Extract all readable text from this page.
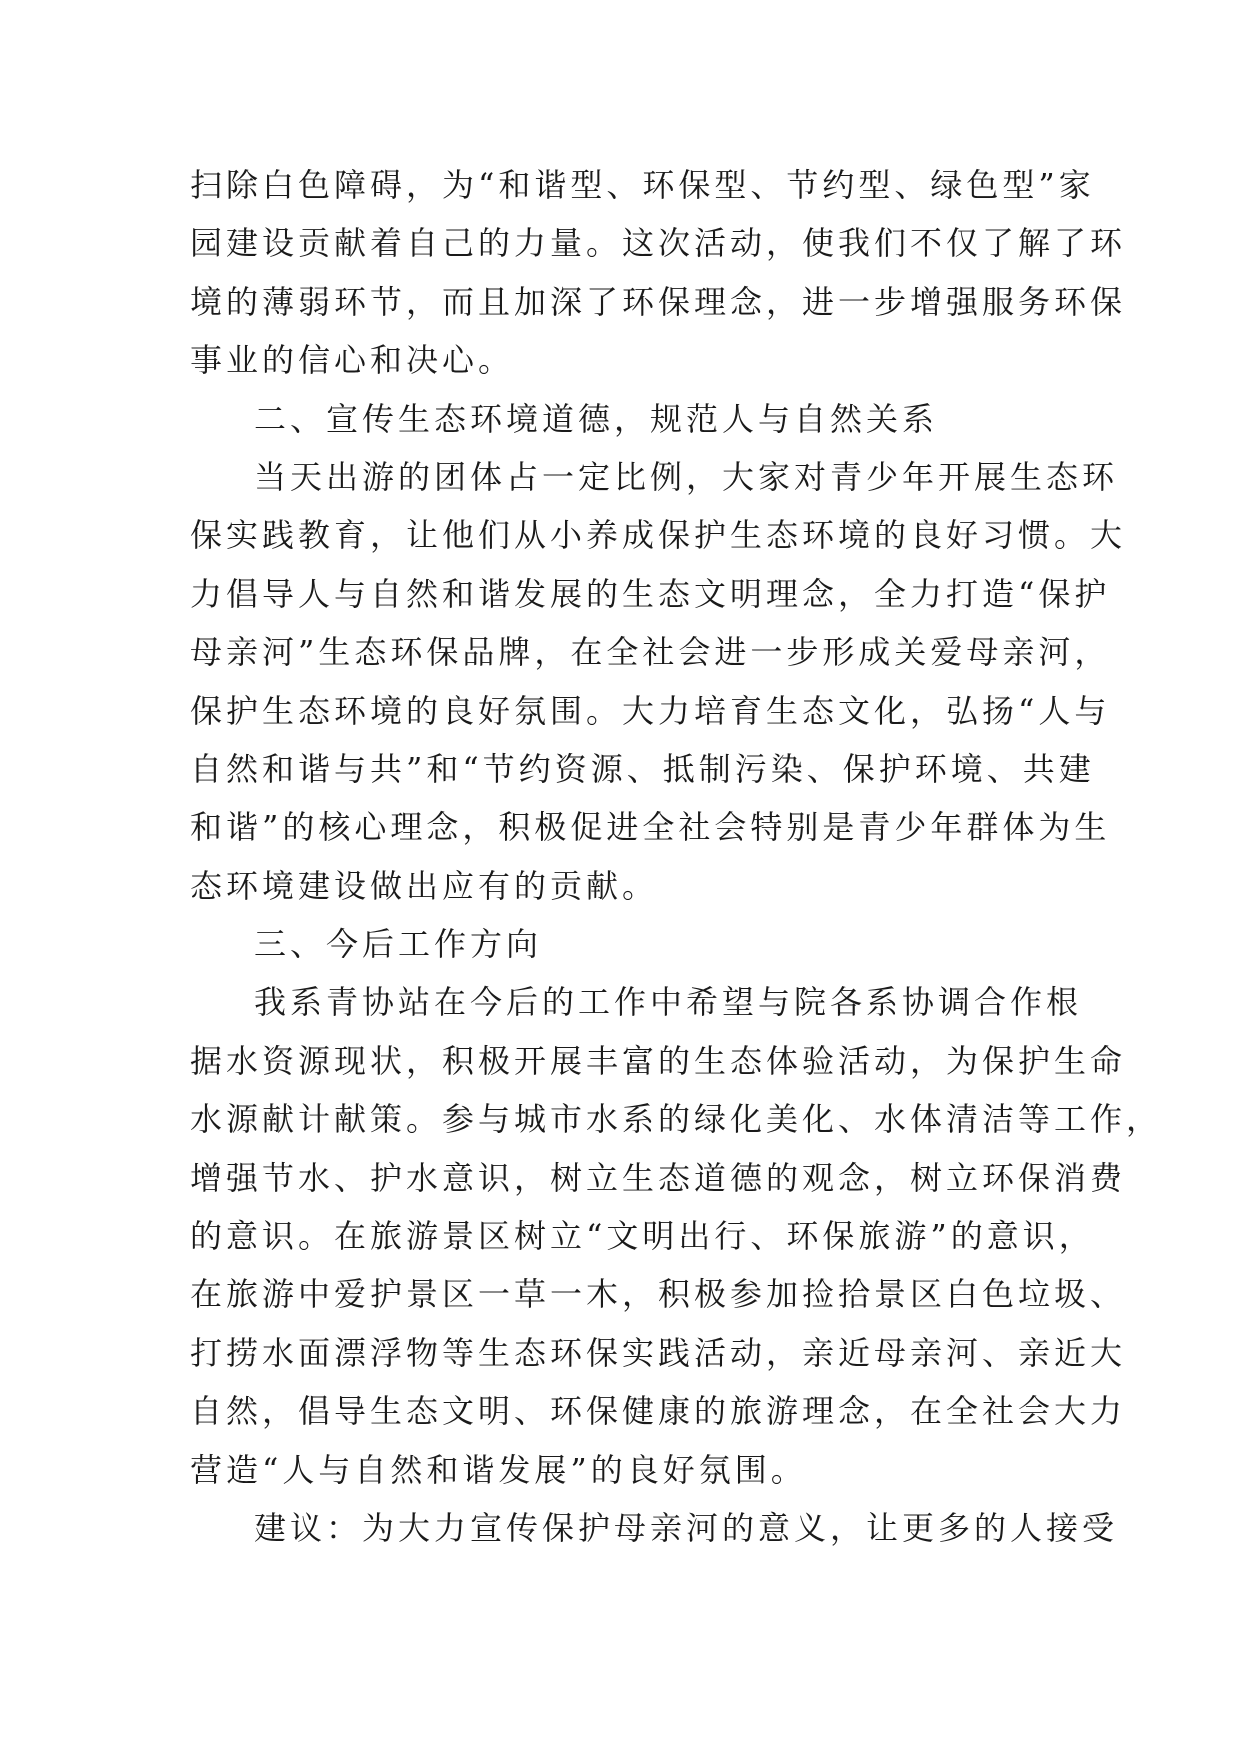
扫除白色障碍，为“和谐型、环保型、节约型、绿色型”家
园建设贡献着自己的力量。这次活动，使我们不仅了解了环
境的薄弱环节，而且加深了环保理念，进一步增强服务环保
事业的信心和决心。
二、宣传生态环境道德，规范人与自然关系
当天出游的团体占一定比例，大家对青少年开展生态环
保实践教育，让他们从小养成保护生态环境的良好习惯。大
力倡导人与自然和谐发展的生态文明理念，全力打造“保护
母亲河”生态环保品牌，在全社会进一步形成关爱母亲河，
保护生态环境的良好氛围。大力培育生态文化，弘扬“人与
自然和谐与共”和“节约资源、抵制污染、保护环境、共建
和谐”的核心理念，积极促进全社会特别是青少年群体为生
态环境建设做出应有的贡献。
三、今后工作方向
我系青协站在今后的工作中希望与院各系协调合作根
据水资源现状，积极开展丰富的生态体验活动，为保护生命
水源献计献策。参与城市水系的绿化美化、水体清洁等工作，
增强节水、护水意识，树立生态道德的观念，树立环保消费
的意识。在旅游景区树立“文明出行、环保旅游”的意识，
在旅游中爱护景区一草一木，积极参加捡拾景区白色垃圾、
打捞水面漂浮物等生态环保实践活动，亲近母亲河、亲近大
自然，倡导生态文明、环保健康的旅游理念，在全社会大力
营造“人与自然和谐发展”的良好氛围。
建议：为大力宣传保护母亲河的意义，让更多的人接受
